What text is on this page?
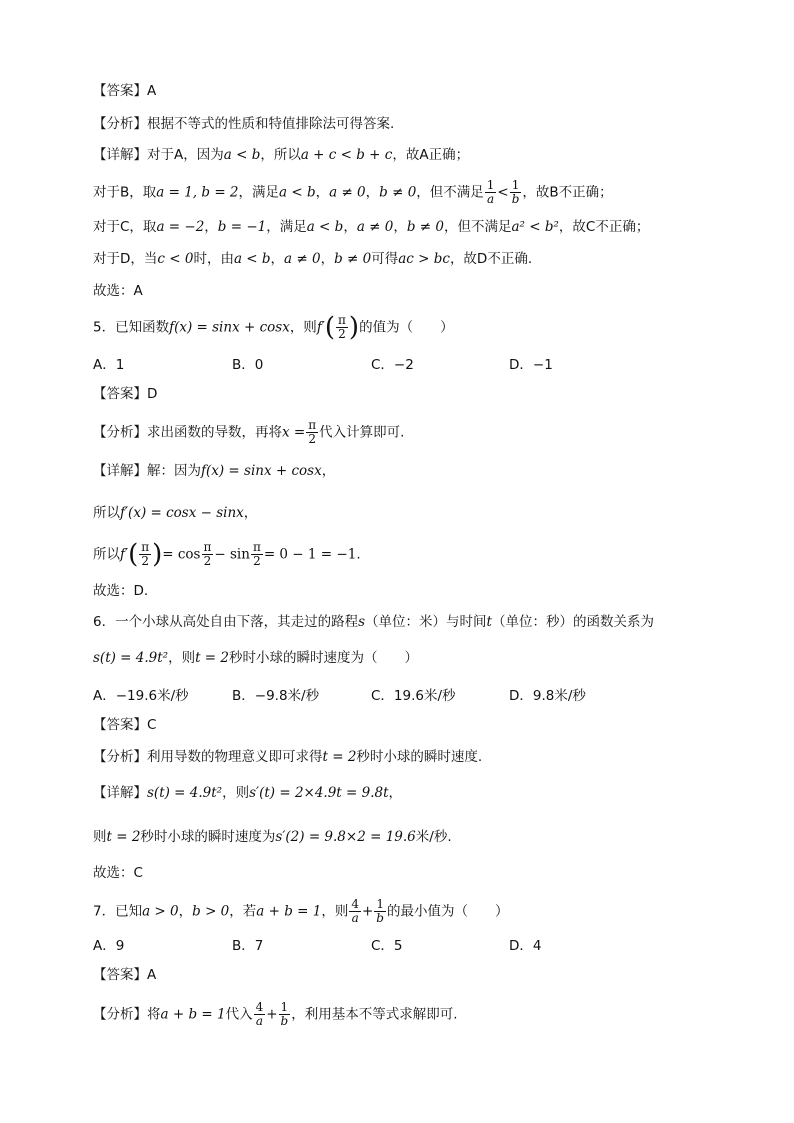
【答案】A
【分析】根据不等式的性质和特值排除法可得答案.
【详解】对于A，因为a < b，所以a + c < b + c，故A正确；
对于B，取a = 1, b = 2，满足a < b，a ≠ 0，b ≠ 0，但不满足 $\frac{1}{a} < \frac{1}{b}$ ，故B不正确；
对于C，取a = −2，b = −1，满足a < b，a ≠ 0，b ≠ 0，但不满足a² < b²，故C不正确；
对于D，当c < 0时，由a < b，a ≠ 0，b ≠ 0可得ac > bc，故D不正确.
故选：A
5．已知函数f(x) = sinx + cosx，则$f'( \frac{\pi}{2}$ )的值为（　　）
A．1	B．0	C．−2	D．−1
【答案】D
【分析】求出函数的导数，再将$x = \frac{\pi}{2}$ 代入计算即可.
【详解】解：因为f(x) = sinx + cosx，
所以f′(x) = cosx − sinx，
所以$f'( \frac{\pi}{2}$ )= $\cos \frac{\pi}{2} - \sin \frac{\pi}{2} = 0 - 1 = -1$.
故选：D.
6．一个小球从高处自由下落，其走过的路程s（单位：米）与时间t（单位：秒）的函数关系为
s(t) = 4.9t²，则t = 2秒时小球的瞬时速度为（　　）
A．−19.6米/秒	B．−9.8米/秒	C．19.6米/秒	D．9.8米/秒
【答案】C
【分析】利用导数的物理意义即可求得t = 2秒时小球的瞬时速度.
【详解】s(t) = 4.9t²，则s′(t) = 2×4.9t = 9.8t，
则t = 2秒时小球的瞬时速度为s′(2) = 9.8×2 = 19.6米/秒.
故选：C
7．已知a > 0，b > 0，若a + b = 1，则 $\frac{4}{a} + \frac{1}{b}$ 的最小值为（　　）
A．9	B．7	C．5	D．4
【答案】A
【分析】将a + b = 1代入 $\frac{4}{a} + \frac{1}{b}$ ，利用基本不等式求解即可.
